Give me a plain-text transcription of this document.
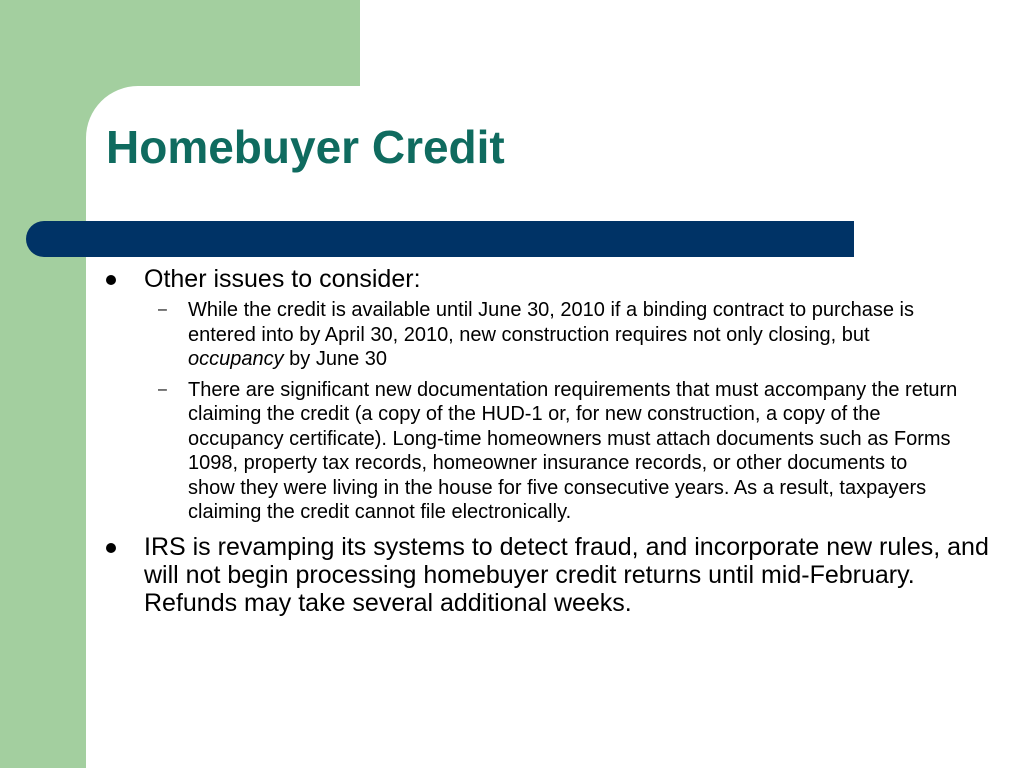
Homebuyer Credit
Other issues to consider:
– While the credit is available until June 30, 2010 if a binding contract to purchase is entered into by April 30, 2010, new construction requires not only closing, but occupancy by June 30
– There are significant new documentation requirements that must accompany the return claiming the credit (a copy of the HUD-1 or, for new construction, a copy of the occupancy certificate). Long-time homeowners must attach documents such as Forms 1098, property tax records, homeowner insurance records, or other documents to show they were living in the house for five consecutive years. As a result, taxpayers claiming the credit cannot file electronically.
IRS is revamping its systems to detect fraud, and incorporate new rules, and will not begin processing homebuyer credit returns until mid-February. Refunds may take several additional weeks.
